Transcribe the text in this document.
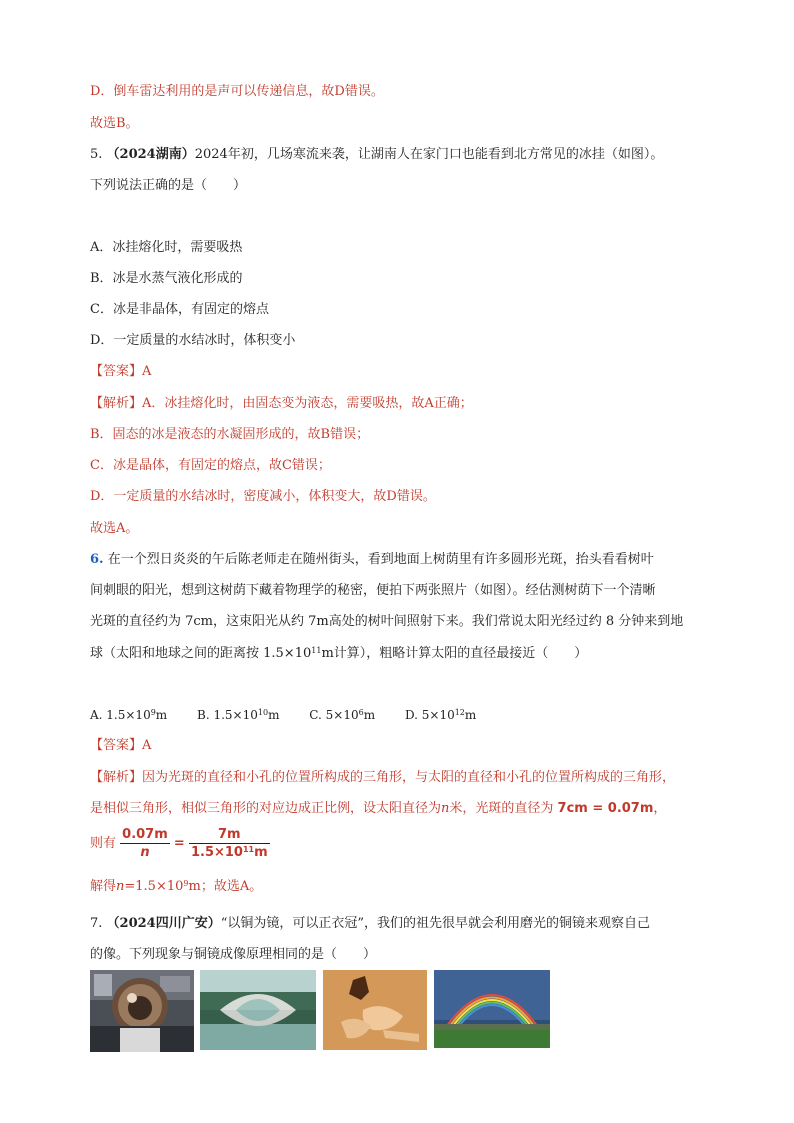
D．倒车雷达利用的是声可以传递信息，故D错误。
故选B。
5. （2024湖南）2024年初，几场寒流来袭，让湖南人在家门口也能看到北方常见的冰挂（如图）。
下列说法正确的是（　　）
A．冰挂熔化时，需要吸热
B．冰是水蒸气液化形成的
C．冰是非晶体，有固定的熔点
D．一定质量的水结冰时，体积变小
【答案】A
【解析】A．冰挂熔化时，由固态变为液态，需要吸热，故A正确；
B．固态的冰是液态的水凝固形成的，故B错误；
C．冰是晶体，有固定的熔点，故C错误；
D．一定质量的水结冰时，密度减小，体积变大，故D错误。
故选A。
6. 在一个烈日炎炎的午后陈老师走在随州街头，看到地面上树荫里有许多圆形光斑，抬头看看树叶
间刺眼的阳光，想到这树荫下藏着物理学的秘密，便拍下两张照片（如图）。经估测树荫下一个清晰
光斑的直径约为 7cm，这束阳光从约 7m高处的树叶间照射下来。我们常说太阳光经过约 8 分钟来到地
球（太阳和地球之间的距离按 $1.5\times 10^{11}m$计算），粗略计算太阳的直径最接近（　　）
A. $1.5\times 10^9m$ B. $1.5\times 10^{10}m$ C. $5\times 10^6m$ D. $5\times 10^{12}m$
【答案】A
【解析】因为光斑的直径和小孔的位置所构成的三角形，与太阳的直径和小孔的位置所构成的三角形，
是相似三角形，相似三角形的对应边成正比例，设太阳直径为n米，光斑的直径为 7cm = 0.07m，
则有 $\frac{0.07m}{n} = \frac{7m}{1.5\times 10^{11}m}$
解得$n=1.5\times 10^9m$；故选A。
7. （2024四川广安）“以铜为镜，可以正衣冠”，我们的祖先很早就会利用磨光的铜镜来观察自己
的像。下列现象与铜镜成像原理相同的是（　　）
